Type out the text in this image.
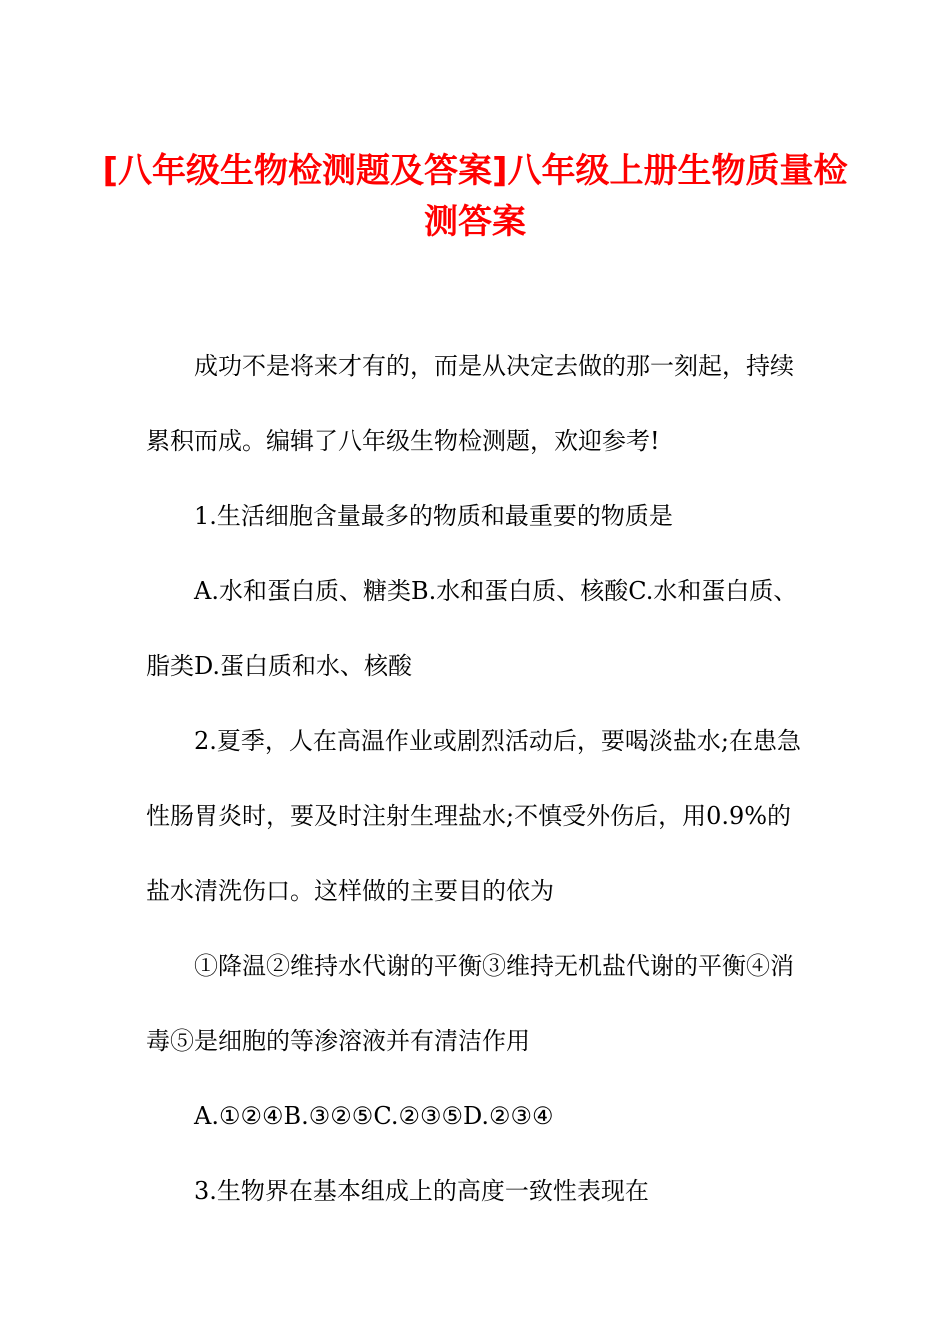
[八年级生物检测题及答案]八年级上册生物质量检测答案

成功不是将来才有的，而是从决定去做的那一刻起，持续累积而成。编辑了八年级生物检测题，欢迎参考!

1.生活细胞含量最多的物质和最重要的物质是

A.水和蛋白质、糖类B.水和蛋白质、核酸C.水和蛋白质、脂类D.蛋白质和水、核酸

2.夏季，人在高温作业或剧烈活动后，要喝淡盐水;在患急性肠胃炎时，要及时注射生理盐水;不慎受外伤后，用0.9%的盐水清洗伤口。这样做的主要目的依为

①降温②维持水代谢的平衡③维持无机盐代谢的平衡④消毒⑤是细胞的等渗溶液并有清洁作用

A.①②④B.③②⑤C.②③⑤D.②③④

3.生物界在基本组成上的高度一致性表现在
